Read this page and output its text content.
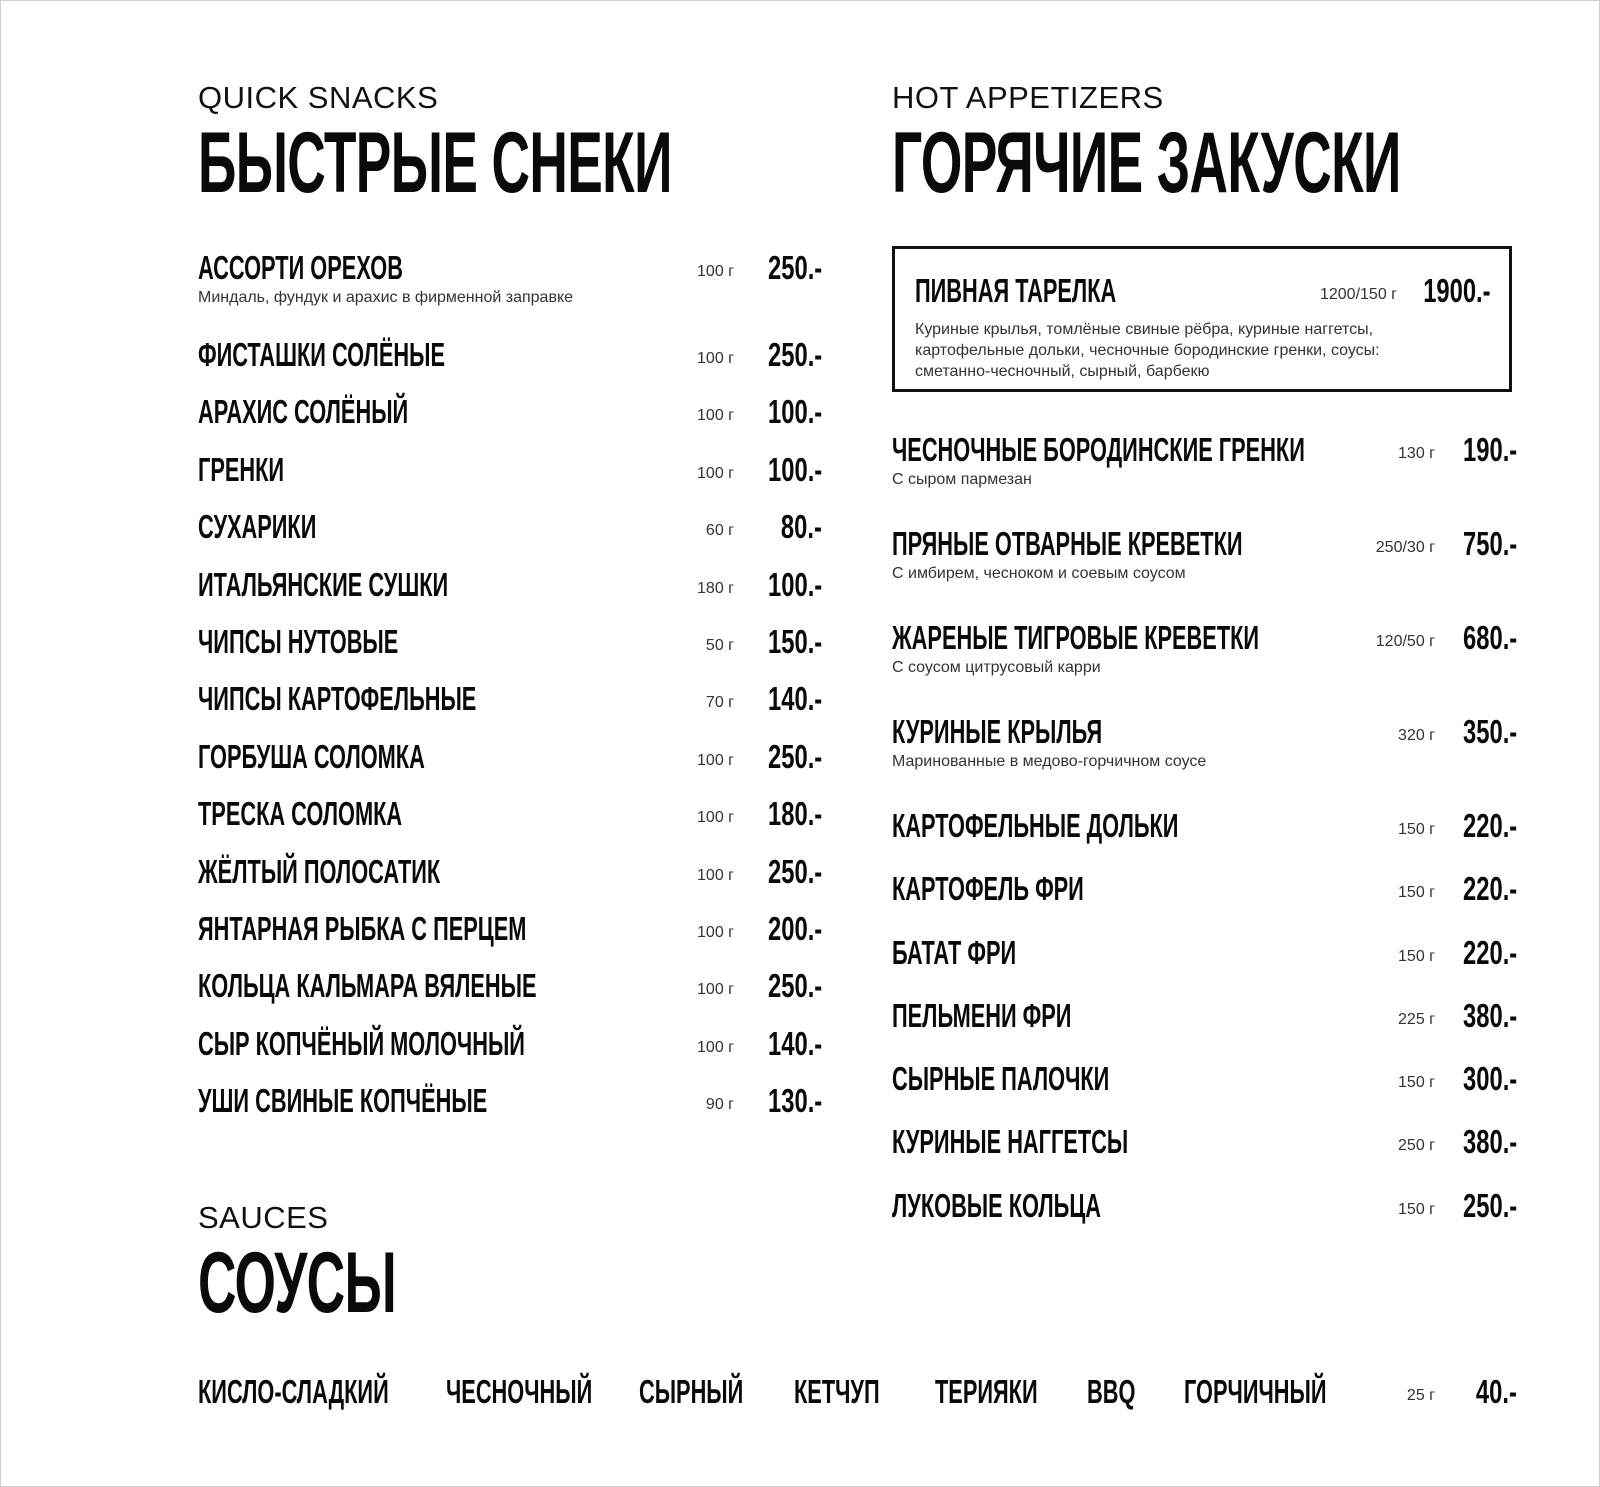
QUICK SNACKS
БЫСТРЫЕ СНЕКИ
АССОРТИ ОРЕХОВ	100 г	250.-
Миндаль, фундук и арахис в фирменной заправке
ФИСТАШКИ СОЛЁНЫЕ	100 г	250.-
АРАХИС СОЛЁНЫЙ	100 г	100.-
ГРЕНКИ	100 г	100.-
СУХАРИКИ	60 г	80.-
ИТАЛЬЯНСКИЕ СУШКИ	180 г	100.-
ЧИПСЫ НУТОВЫЕ	50 г	150.-
ЧИПСЫ КАРТОФЕЛЬНЫЕ	70 г	140.-
ГОРБУША СОЛОМКА	100 г	250.-
ТРЕСКА СОЛОМКА	100 г	180.-
ЖЁЛТЫЙ ПОЛОСАТИК	100 г	250.-
ЯНТАРНАЯ РЫБКА С ПЕРЦЕМ	100 г	200.-
КОЛЬЦА КАЛЬМАРА ВЯЛЕНЫЕ	100 г	250.-
СЫР КОПЧЁНЫЙ МОЛОЧНЫЙ	100 г	140.-
УШИ СВИНЫЕ КОПЧЁНЫЕ	90 г	130.-
HOT APPETIZERS
ГОРЯЧИЕ ЗАКУСКИ
ПИВНАЯ ТАРЕЛКА	1200/150 г 1900.-
Куриные крылья, томлёные свиные рёбра, куриные наггетсы, картофельные дольки, чесночные бородинские гренки, соусы: сметанно-чесночный, сырный, барбекю
ЧЕСНОЧНЫЕ БОРОДИНСКИЕ ГРЕНКИ	130 г 190.-
С сыром пармезан
ПРЯНЫЕ ОТВАРНЫЕ КРЕВЕТКИ	250/30 г 750.-
С имбирем, чесноком и соевым соусом
ЖАРЕНЫЕ ТИГРОВЫЕ КРЕВЕТКИ	120/50 г 680.-
С соусом цитрусовый карри
КУРИНЫЕ КРЫЛЬЯ	320 г 350.-
Маринованные в медово-горчичном соусе
КАРТОФЕЛЬНЫЕ ДОЛЬКИ	150 г 220.-
КАРТОФЕЛЬ ФРИ	150 г 220.-
БАТАТ ФРИ	150 г 220.-
ПЕЛЬМЕНИ ФРИ	225 г 380.-
СЫРНЫЕ ПАЛОЧКИ	150 г 300.-
КУРИНЫЕ НАГГЕТСЫ	250 г 380.-
ЛУКОВЫЕ КОЛЬЦА	150 г 250.-
SAUCES
СОУСЫ
25 г	40.-
КИСЛО-СЛАДКИЙ	ЧЕСНОЧНЫЙ	СЫРНЫЙ	КЕТЧУП	ТЕРИЯКИ	BBQ	ГОРЧИЧНЫЙ
